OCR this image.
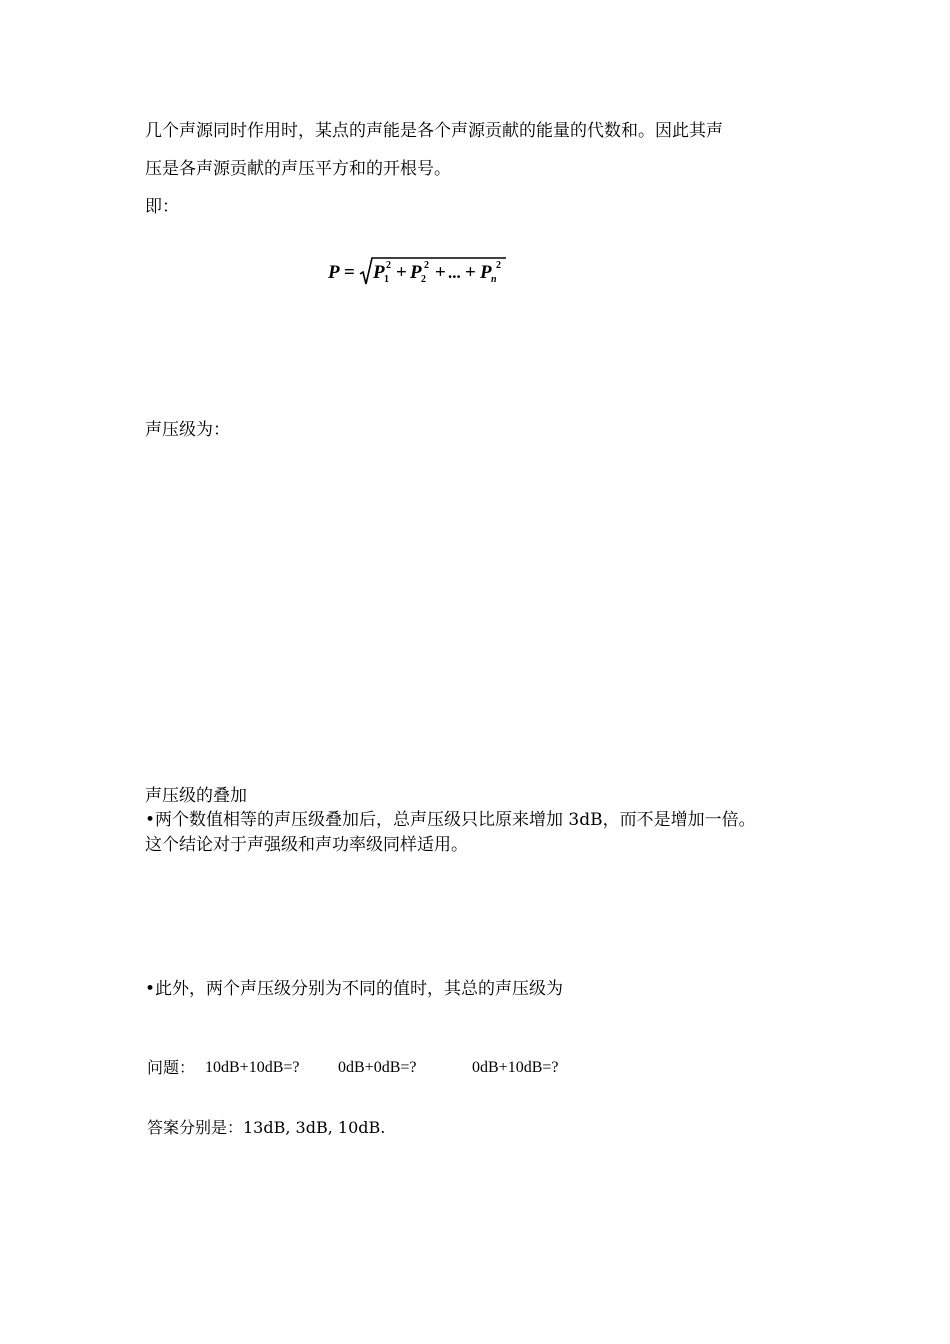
几个声源同时作用时，某点的声能是各个声源贡献的能量的代数和。因此其声
压是各声源贡献的声压平方和的开根号。
即：
P = P 1
2 + P 2
2 + ... + P n
2
声压级为：
声压级的叠加
•两个数值相等的声压级叠加后，总声压级只比原来增加 3dB，而不是增加一倍。
这个结论对于声强级和声功率级同样适用。
•此外，两个声压级分别为不同的值时，其总的声压级为
问题： 10dB+10dB=? 0dB+0dB=?	0dB+10dB=?
答案分别是：13dB, 3dB, 10dB.
